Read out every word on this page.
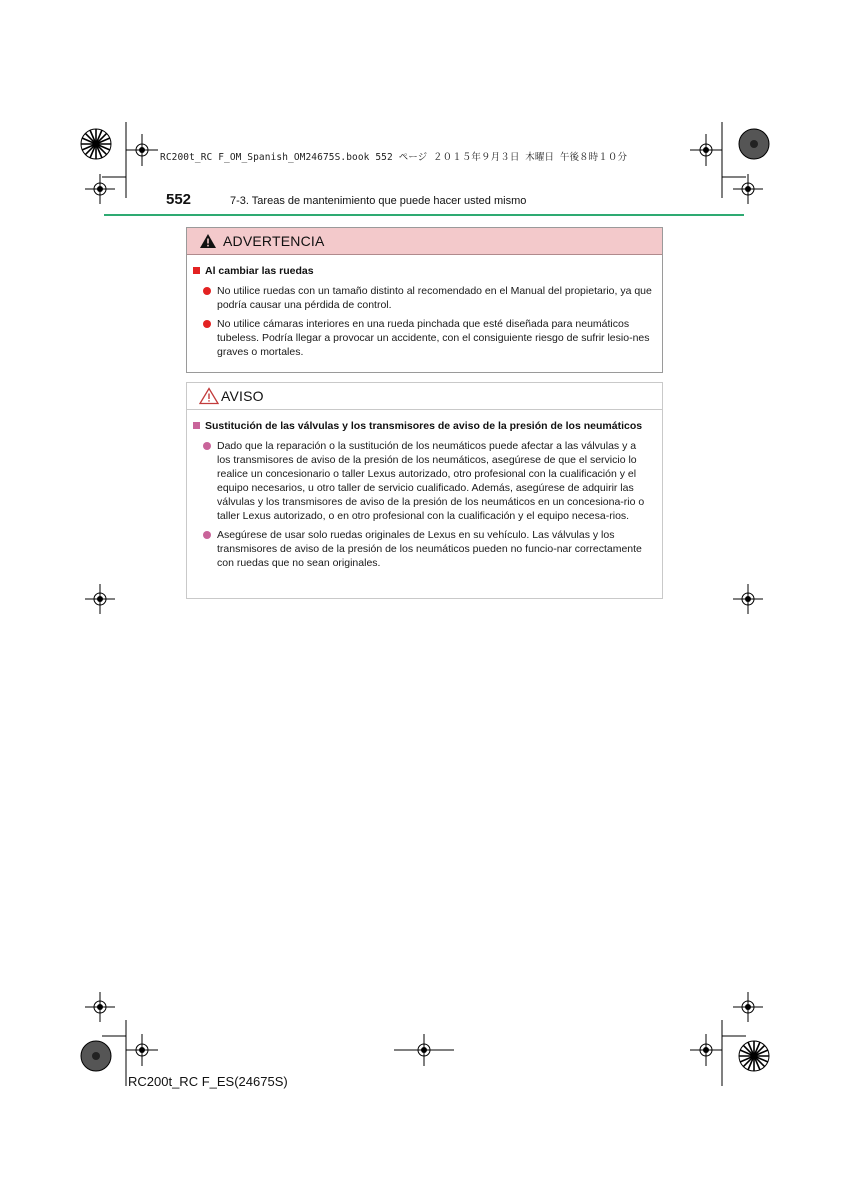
RC200t_RC F_OM_Spanish_OM24675S.book 552 ページ ２０１５年９月３日 木曜日 午後８時１０分
552	7-3. Tareas de mantenimiento que puede hacer usted mismo
ADVERTENCIA
Al cambiar las ruedas
No utilice ruedas con un tamaño distinto al recomendado en el Manual del propietario, ya que podría causar una pérdida de control.
No utilice cámaras interiores en una rueda pinchada que esté diseñada para neumáticos tubeless. Podría llegar a provocar un accidente, con el consiguiente riesgo de sufrir lesio-nes graves o mortales.
AVISO
Sustitución de las válvulas y los transmisores de aviso de la presión de los neumáticos
Dado que la reparación o la sustitución de los neumáticos puede afectar a las válvulas y a los transmisores de aviso de la presión de los neumáticos, asegúrese de que el servicio lo realice un concesionario o taller Lexus autorizado, otro profesional con la cualificación y el equipo necesarios, u otro taller de servicio cualificado. Además, asegúrese de adquirir las válvulas y los transmisores de aviso de la presión de los neumáticos en un concesiona-rio o taller Lexus autorizado, o en otro profesional con la cualificación y el equipo necesa-rios.
Asegúrese de usar solo ruedas originales de Lexus en su vehículo. Las válvulas y los transmisores de aviso de la presión de los neumáticos pueden no funcio-nar correctamente con ruedas que no sean originales.
RC200t_RC F_ES(24675S)
